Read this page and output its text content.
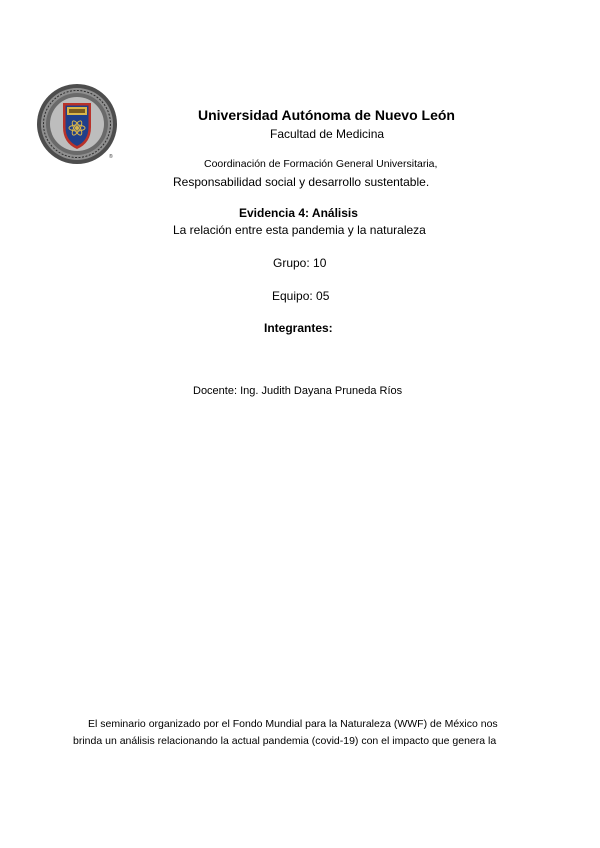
®
Universidad Autónoma de Nuevo León
Facultad de Medicina
Coordinación de Formación General Universitaria,
Responsabilidad social y desarrollo sustentable.
Evidencia 4: Análisis
La relación entre esta pandemia y la naturaleza
Grupo: 10
Equipo: 05
Integrantes:
Docente: Ing. Judith Dayana Pruneda Ríos
El seminario organizado por el Fondo Mundial para la Naturaleza (WWF) de México nos
brinda un análisis relacionando la actual pandemia (covid-19) con el impacto que genera la
